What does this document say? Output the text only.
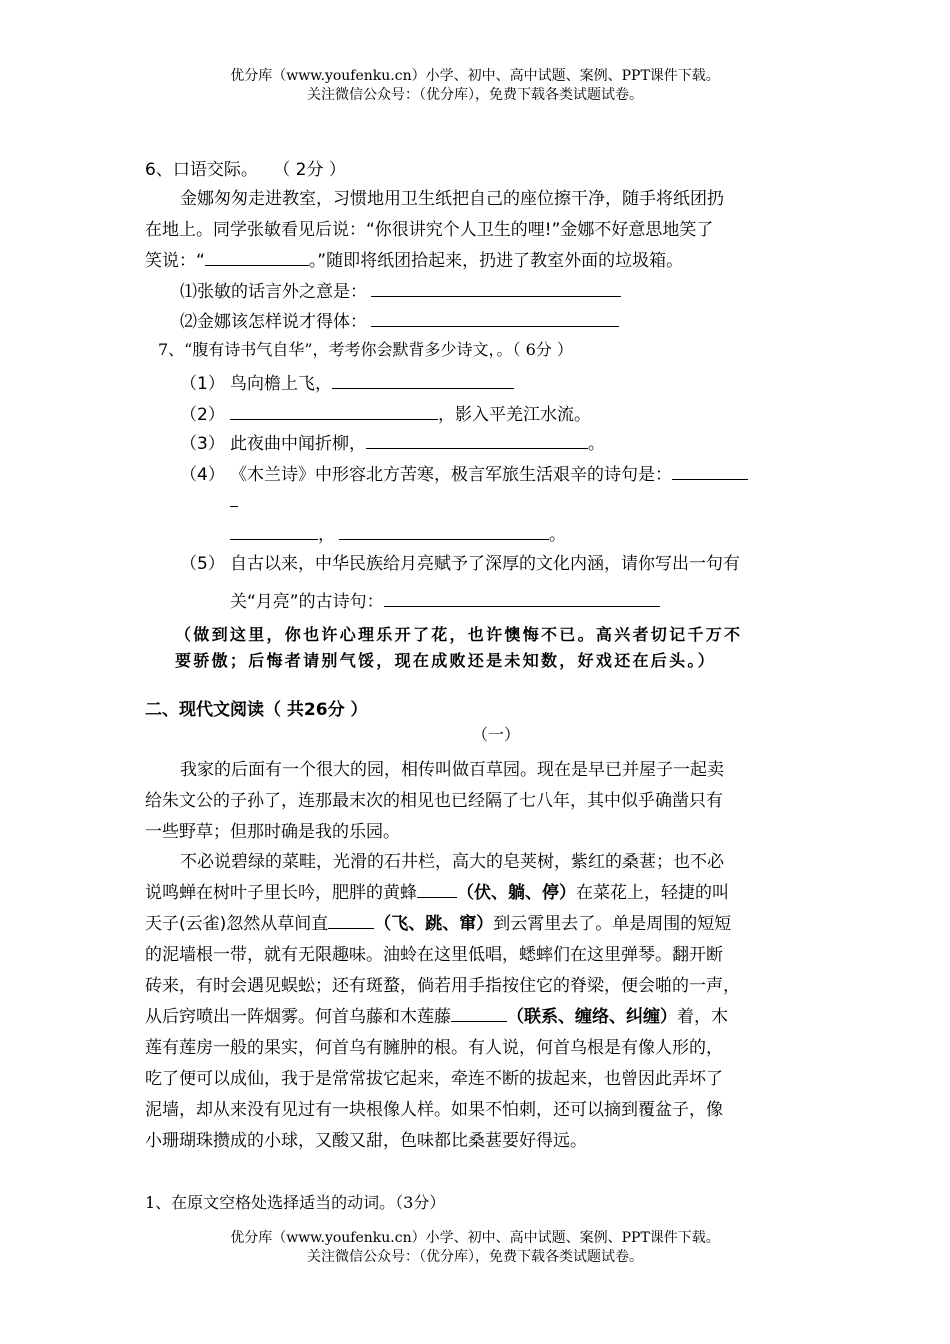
优分库（www.youfenku.cn）小学、初中、高中试题、案例、PPT课件下载。
关注微信公众号：（优分库），免费下载各类试题试卷。
6、口语交际。 （ 2分 ）
金娜匆匆走进教室，习惯地用卫生纸把自己的座位擦干净，随手将纸团扔
在地上。同学张敏看见后说：“你很讲究个人卫生的哩!”金娜不好意思地笑了
笑说：“	。”随即将纸团拾起来，扔进了教室外面的垃圾箱。
⑴张敏的话言外之意是：
⑵金娜该怎样说才得体：
7、“腹有诗书气自华”，考考你会默背多少诗文，。（ 6分 ）
（1） 鸟向檐上飞，
（2）	，影入平羌江水流。
（3） 此夜曲中闻折柳，	。
（4） 《木兰诗》中形容北方苦寒，极言军旅生活艰辛的诗句是：
，	。
（5） 自古以来，中华民族给月亮赋予了深厚的文化内涵，请你写出一句有
关“月亮”的古诗句：
（做到这里，你也许心理乐开了花，也许懊悔不已。高兴者切记千万不
要骄傲；后悔者请别气馁，现在成败还是未知数，好戏还在后头。）
二、现代文阅读（ 共26分 ）
（一）
我家的后面有一个很大的园，相传叫做百草园。现在是早已并屋子一起卖
给朱文公的子孙了，连那最末次的相见也已经隔了七八年，其中似乎确凿只有
一些野草；但那时确是我的乐园。
不必说碧绿的菜畦，光滑的石井栏，高大的皂荚树，紫红的桑葚；也不必
说鸣蝉在树叶子里长吟，肥胖的黄蜂 （伏、躺、停）在菜花上，轻捷的叫
天子(云雀)忽然从草间直	（飞、跳、窜）到云霄里去了。单是周围的短短
的泥墙根一带，就有无限趣味。油蛉在这里低唱，蟋蟀们在这里弹琴。翻开断
砖来，有时会遇见蜈蚣；还有斑蝥，倘若用手指按住它的脊梁，便会啪的一声，
从后窍喷出一阵烟雾。何首乌藤和木莲藤	（联系、缠络、纠缠）着，木
莲有莲房一般的果实，何首乌有臃肿的根。有人说，何首乌根是有像人形的，
吃了便可以成仙，我于是常常拔它起来，牵连不断的拔起来，也曾因此弄坏了
泥墙，却从来没有见过有一块根像人样。如果不怕刺，还可以摘到覆盆子，像
小珊瑚珠攒成的小球，又酸又甜，色味都比桑葚要好得远。
1、在原文空格处选择适当的动词。（3分）
优分库（www.youfenku.cn）小学、初中、高中试题、案例、PPT课件下载。
关注微信公众号：（优分库），免费下载各类试题试卷。
